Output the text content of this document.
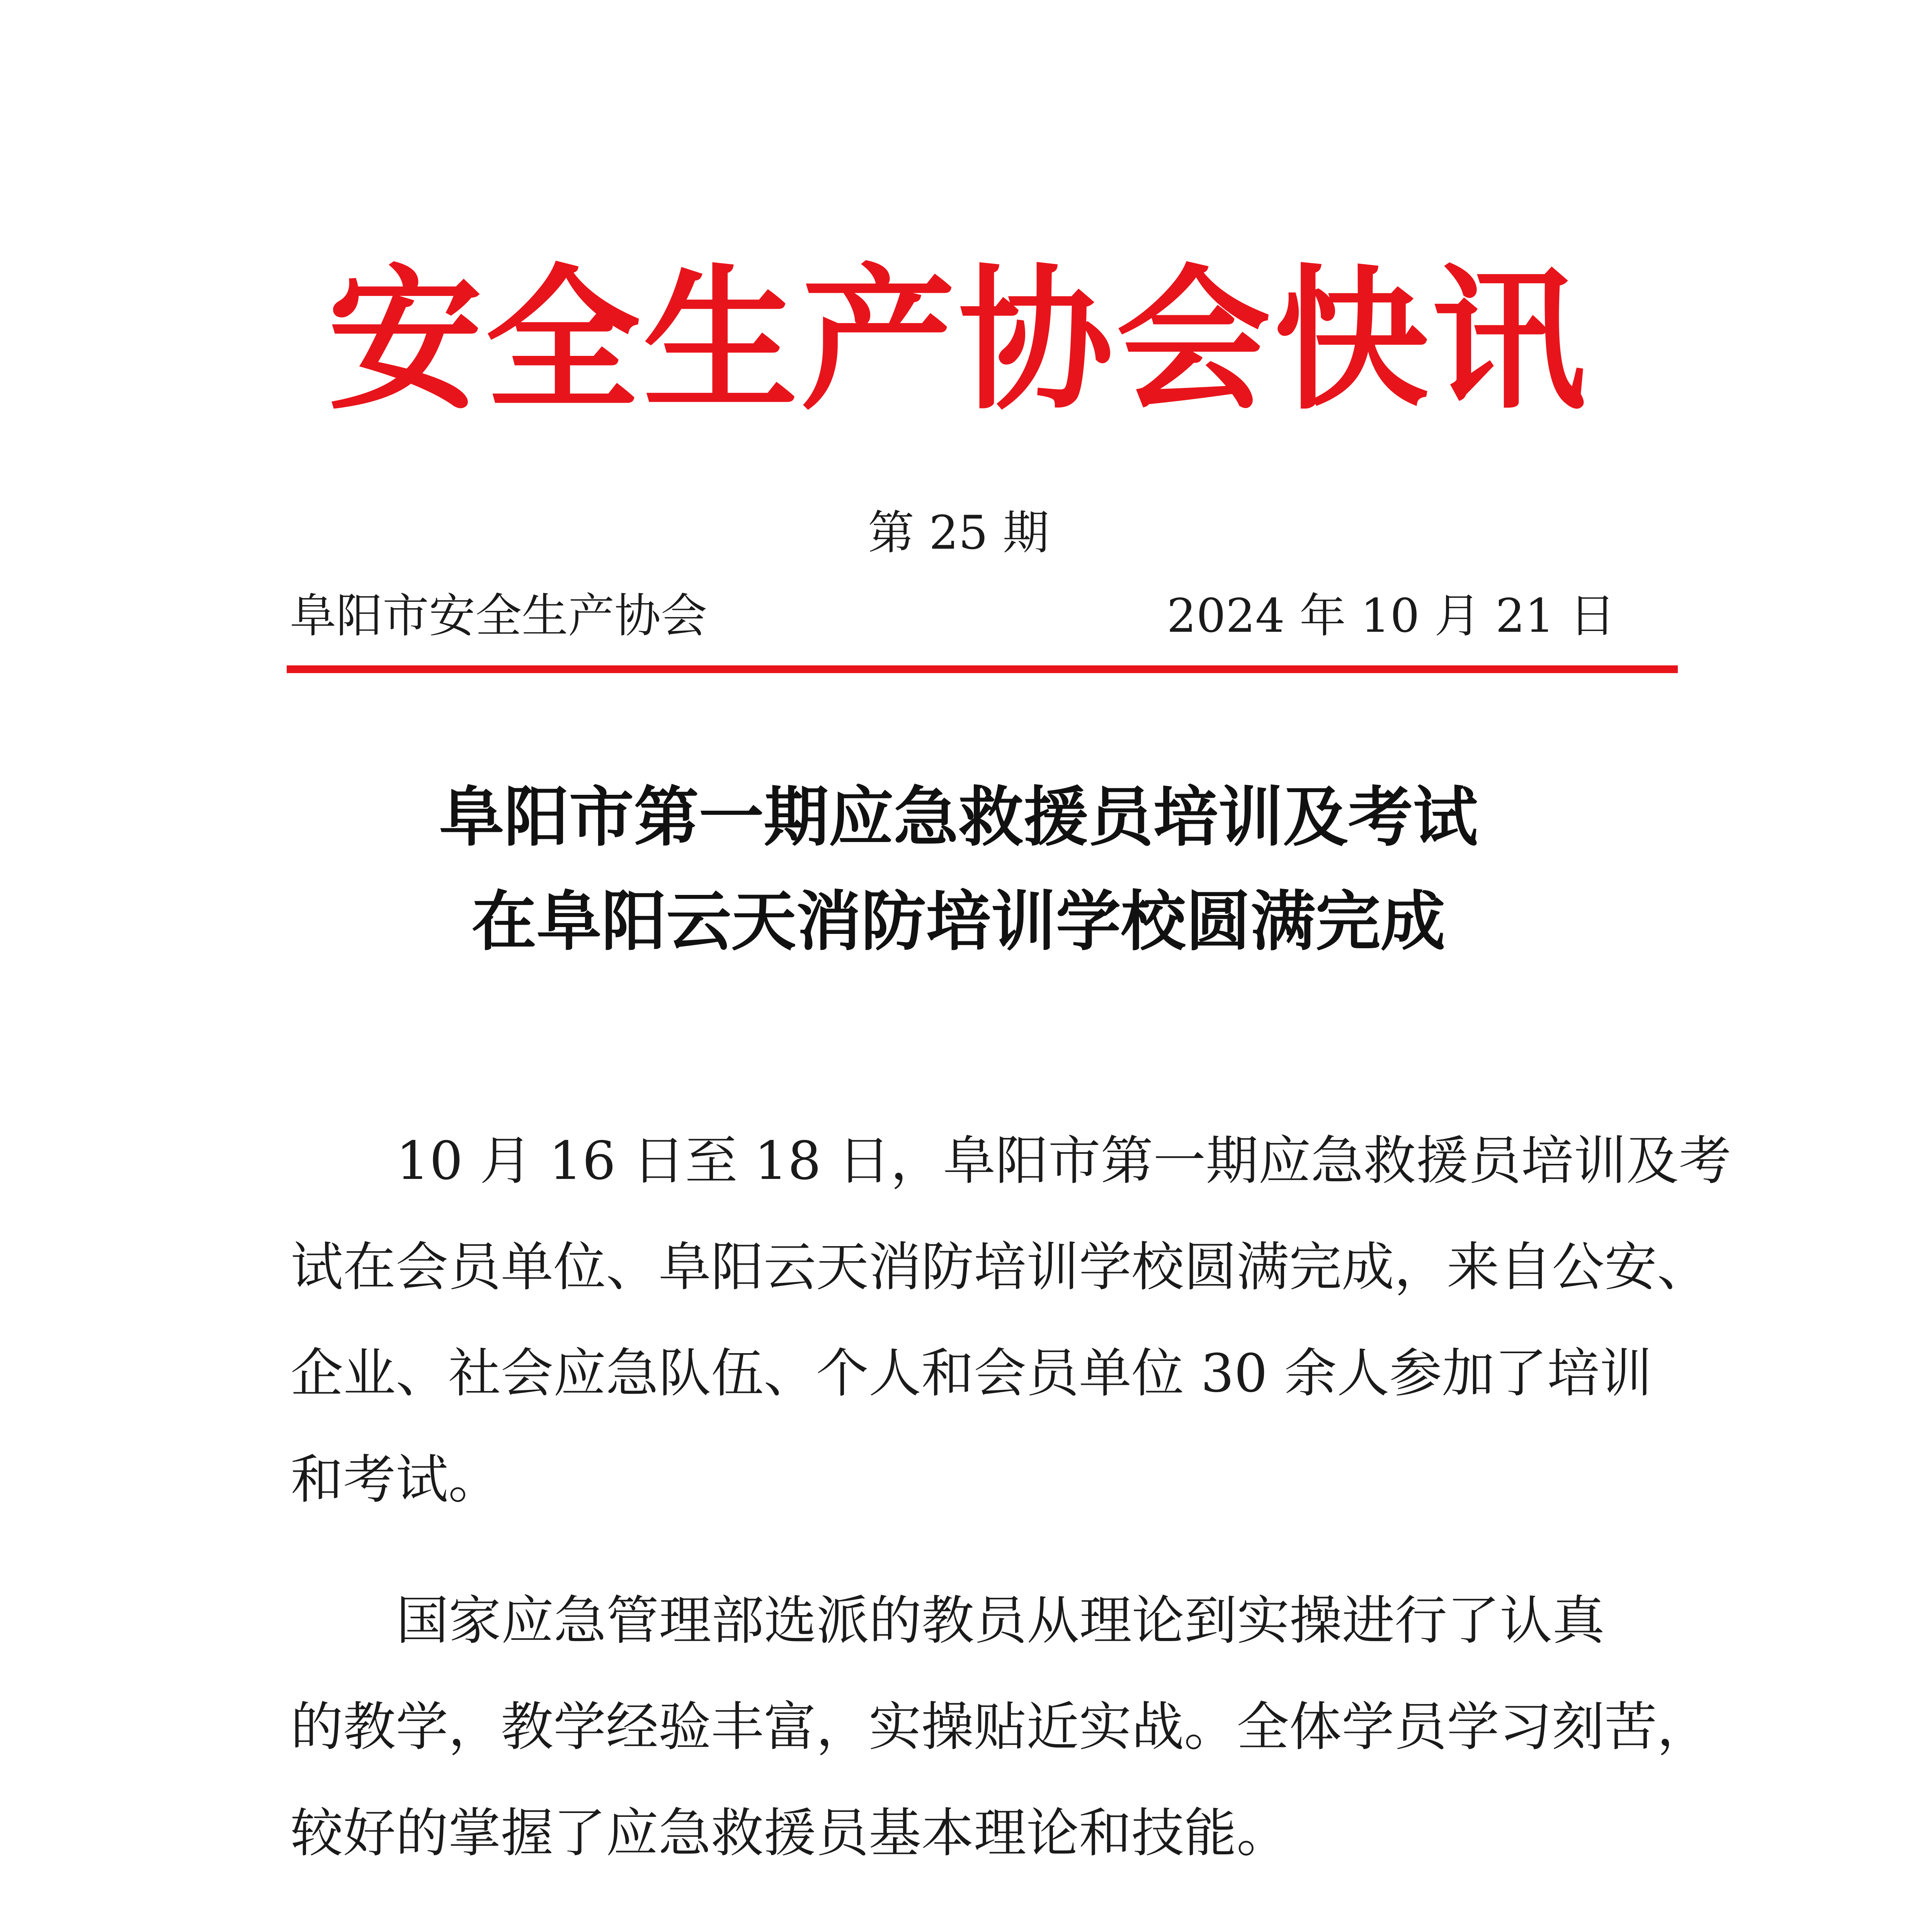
安全生产协会快讯
第 25 期
阜阳市安全生产协会	2024 年 10 月 21 日
阜阳市第一期应急救援员培训及考试
在阜阳云天消防培训学校圆满完成
10 月 16 日至 18 日，阜阳市第一期应急救援员培训及考
试在会员单位、阜阳云天消防培训学校圆满完成，来自公安、
企业、社会应急队伍、个人和会员单位 30 余人参加了培训
和考试。
国家应急管理部选派的教员从理论到实操进行了认真
的教学，教学经验丰富，实操贴近实战。全体学员学习刻苦，
较好的掌握了应急救援员基本理论和技能。
